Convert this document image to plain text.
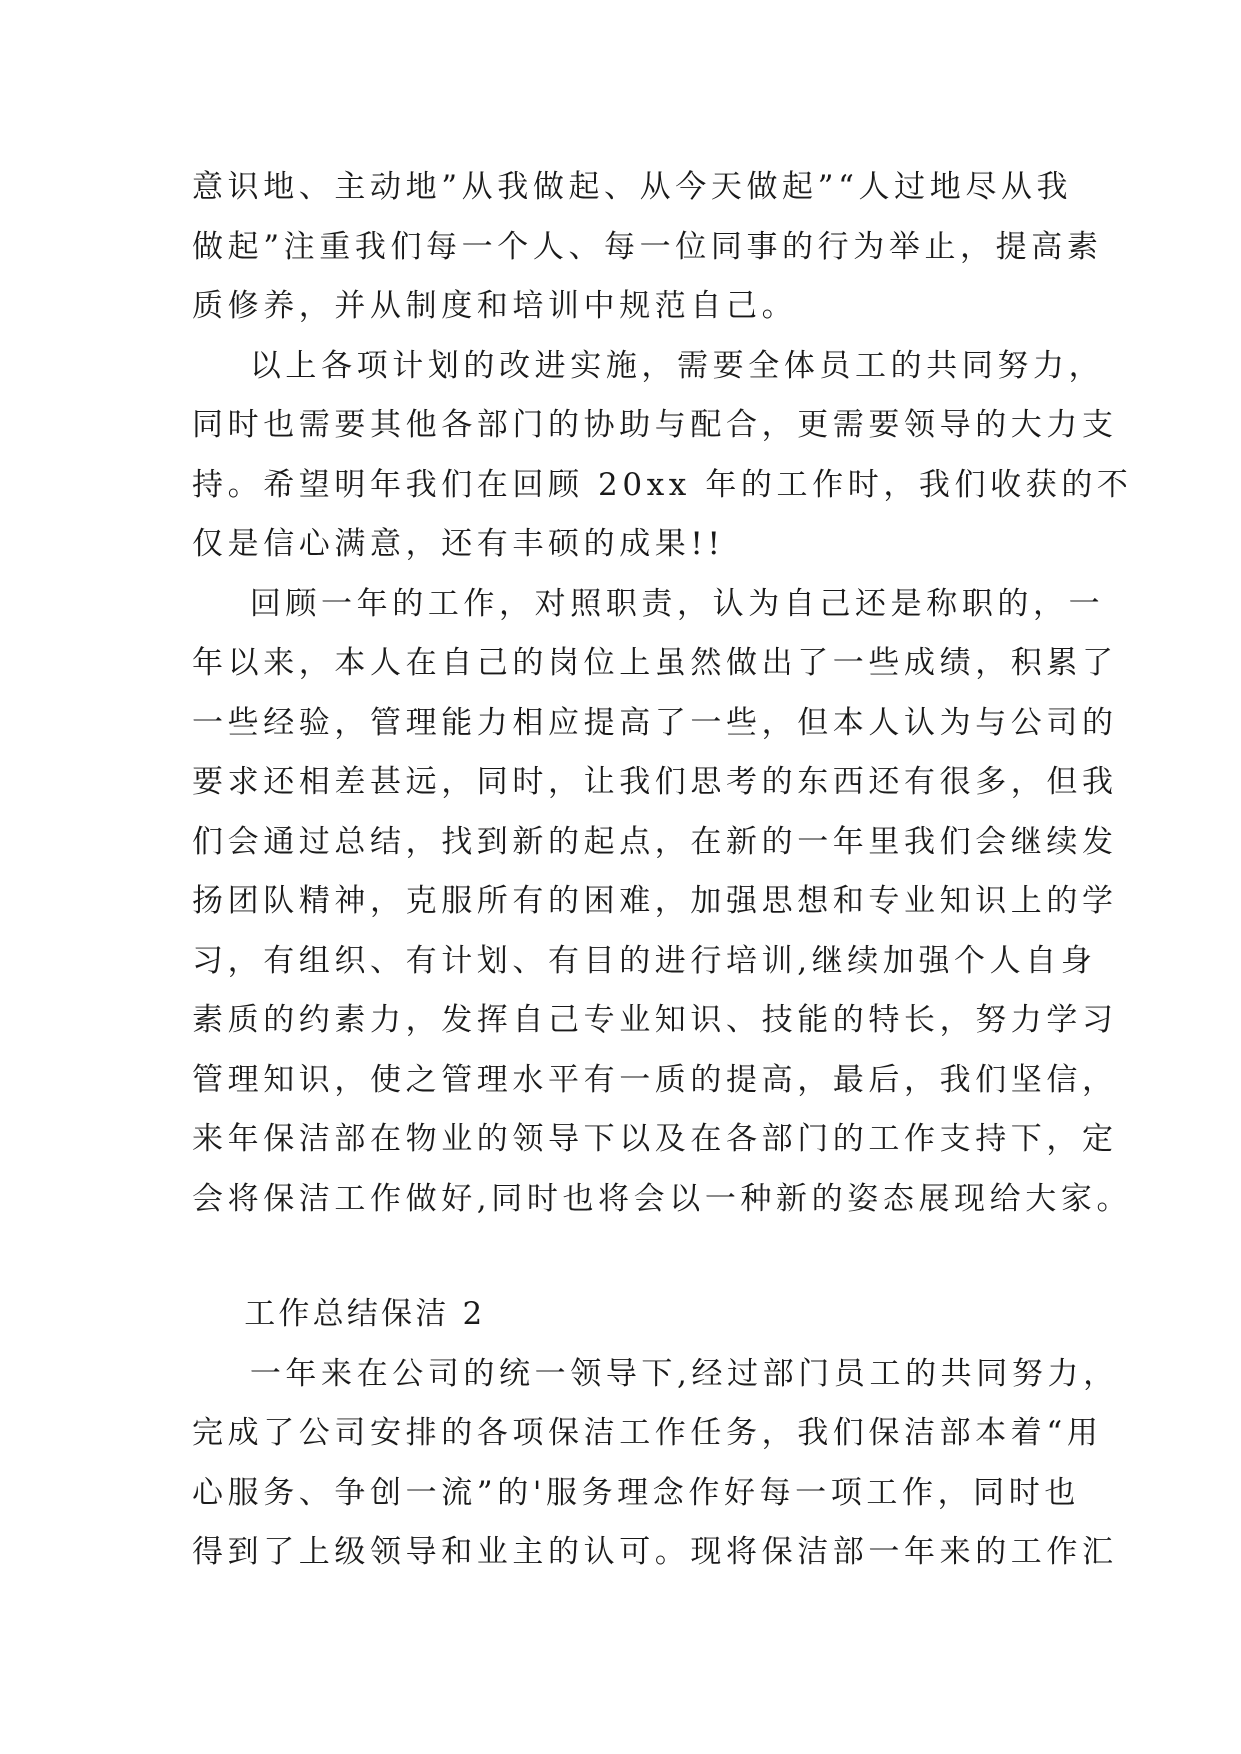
意识地、主动地”从我做起、从今天做起”“人过地尽从我

做起”注重我们每一个人、每一位同事的行为举止，提高素

质修养，并从制度和培训中规范自己。

以上各项计划的改进实施，需要全体员工的共同努力，

同时也需要其他各部门的协助与配合，更需要领导的大力支

持。希望明年我们在回顾 20xx 年的工作时，我们收获的不

仅是信心满意，还有丰硕的成果!!

回顾一年的工作，对照职责，认为自己还是称职的，一

年以来，本人在自己的岗位上虽然做出了一些成绩，积累了

一些经验，管理能力相应提高了一些，但本人认为与公司的

要求还相差甚远，同时，让我们思考的东西还有很多，但我

们会通过总结，找到新的起点，在新的一年里我们会继续发

扬团队精神，克服所有的困难，加强思想和专业知识上的学

习，有组织、有计划、有目的进行培训,继续加强个人自身

素质的约素力，发挥自己专业知识、技能的特长，努力学习

管理知识，使之管理水平有一质的提高，最后，我们坚信，

来年保洁部在物业的领导下以及在各部门的工作支持下，定

会将保洁工作做好,同时也将会以一种新的姿态展现给大家。

工作总结保洁 2

一年来在公司的统一领导下,经过部门员工的共同努力，

完成了公司安排的各项保洁工作任务，我们保洁部本着“用

心服务、争创一流”的'服务理念作好每一项工作，同时也

得到了上级领导和业主的认可。现将保洁部一年来的工作汇
